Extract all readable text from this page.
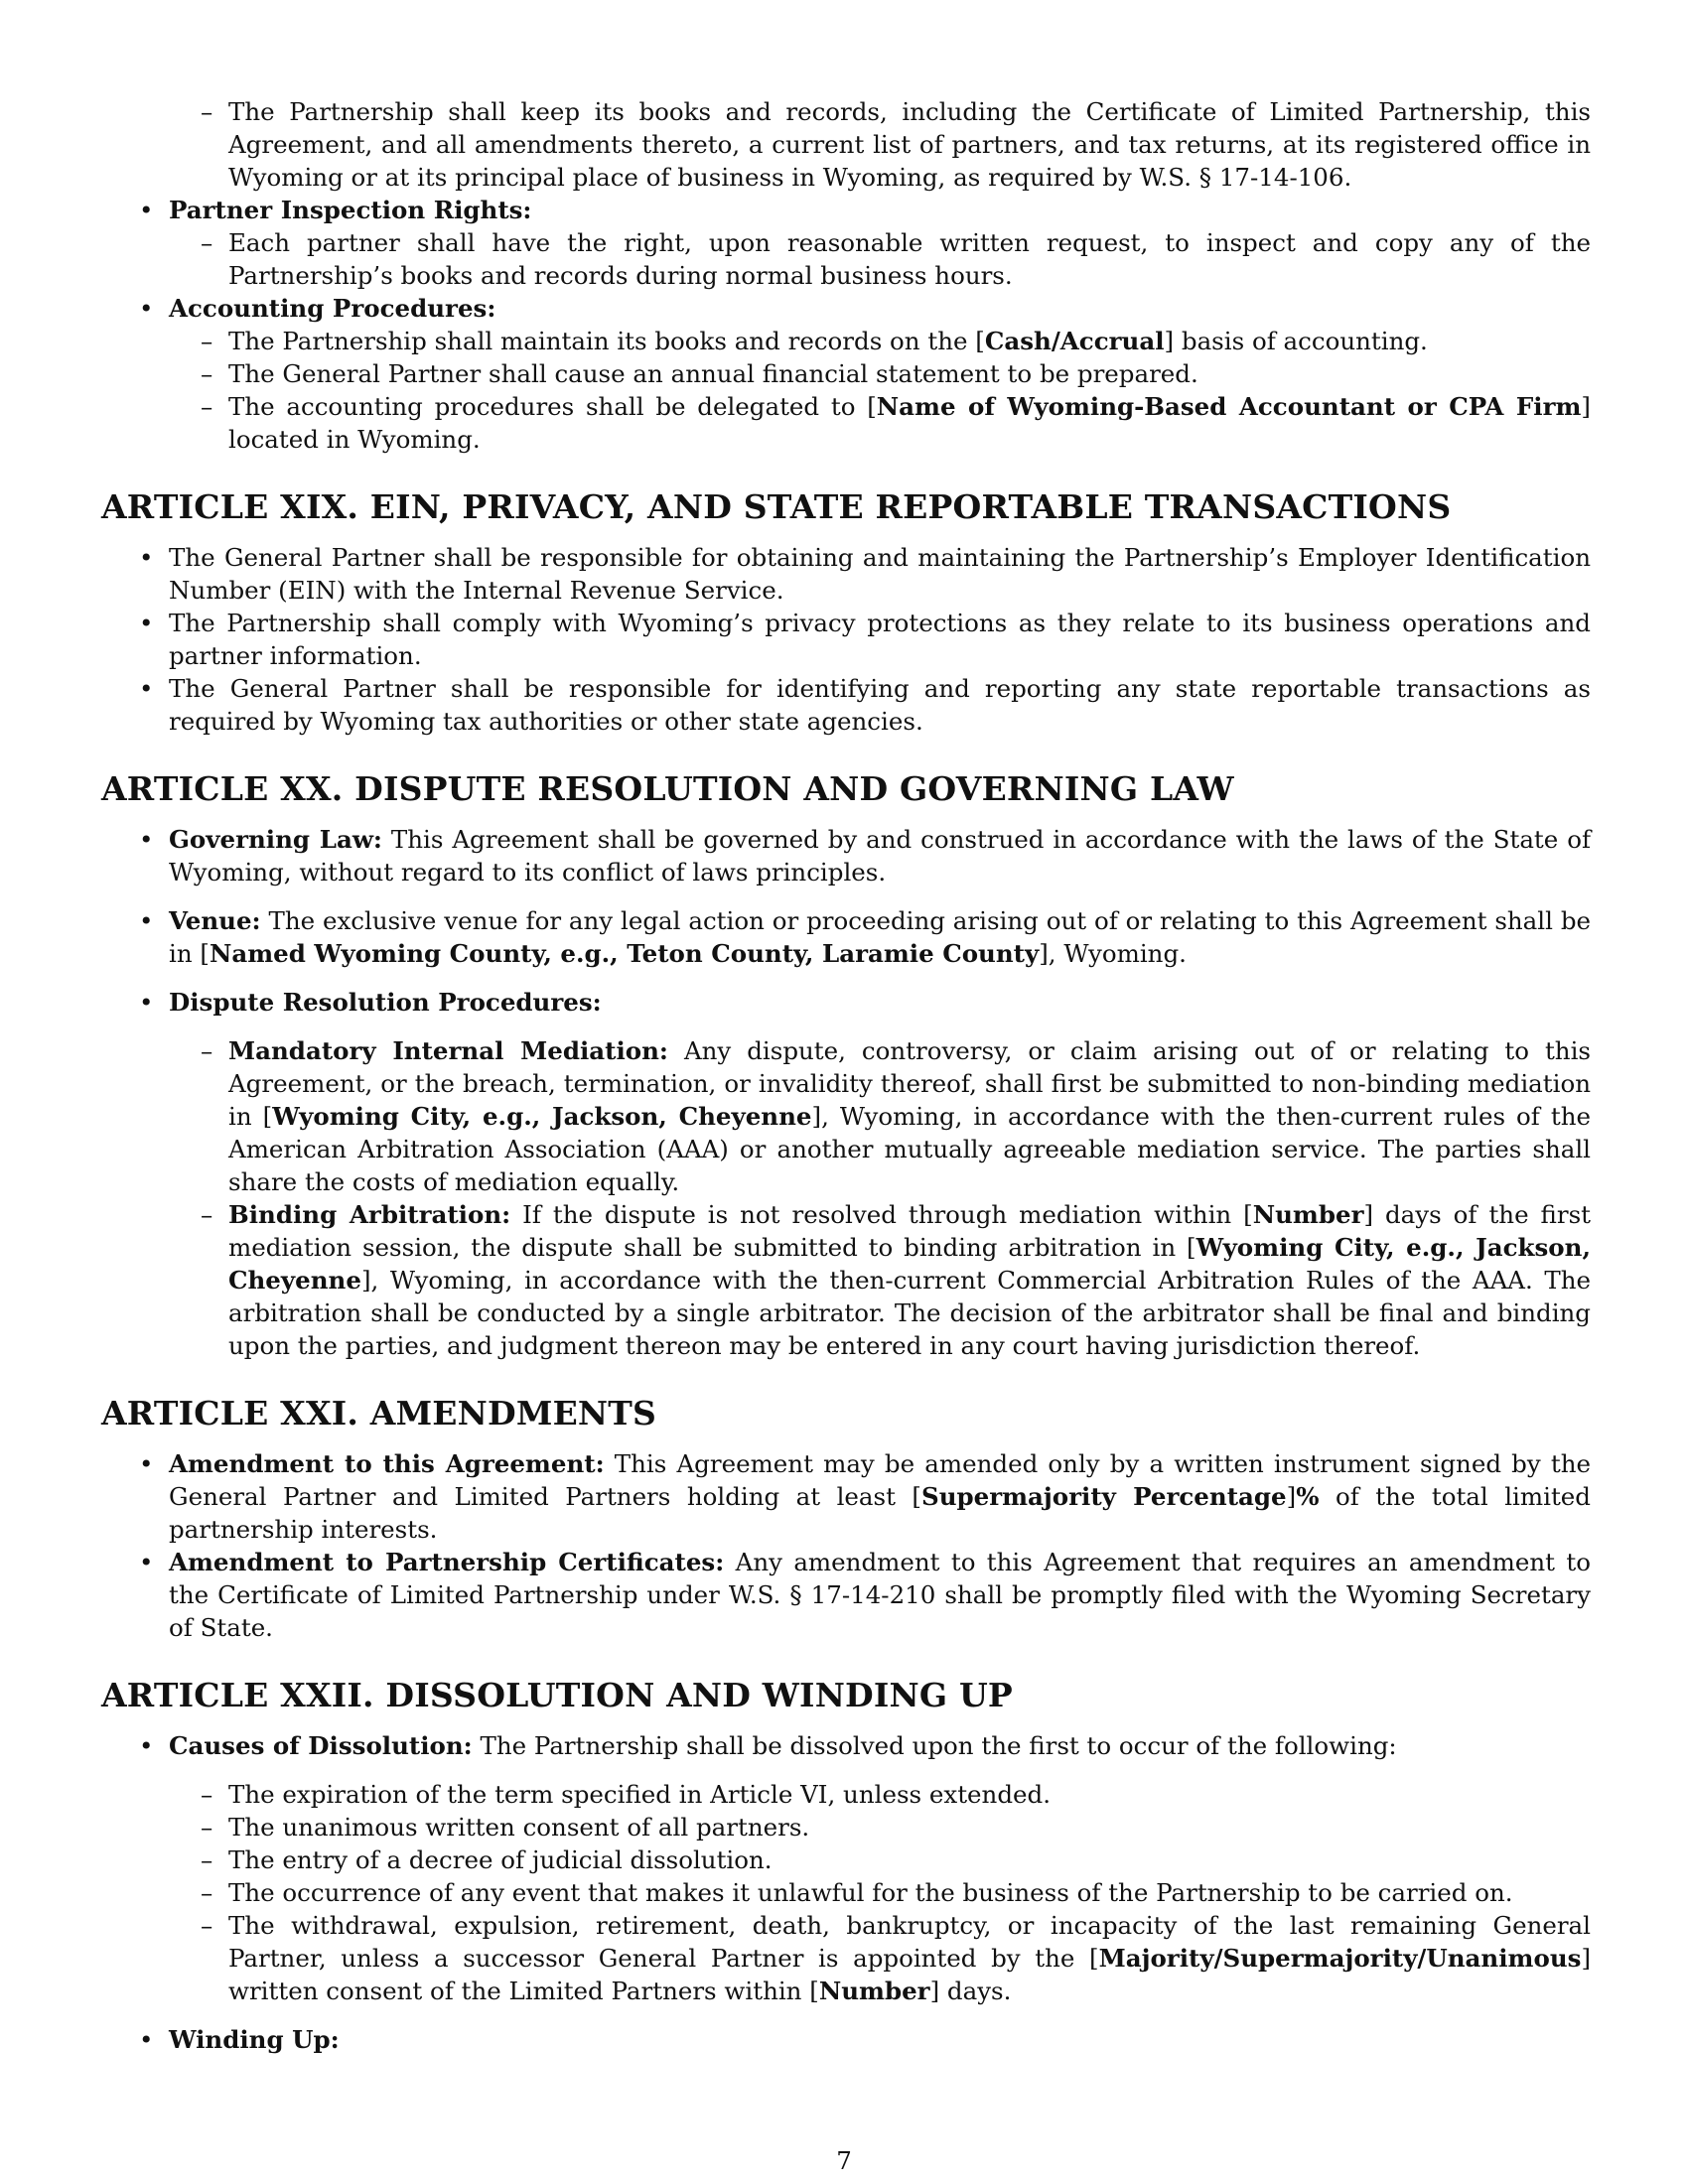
– The Partnership shall keep its books and records, including the Certificate of Limited Partnership, this Agreement, and all amendments thereto, a current list of partners, and tax returns, at its registered office in Wyoming or at its principal place of business in Wyoming, as required by W.S. § 17-14-106.
• Partner Inspection Rights:
– Each partner shall have the right, upon reasonable written request, to inspect and copy any of the Partnership’s books and records during normal business hours.
• Accounting Procedures:
– The Partnership shall maintain its books and records on the [Cash/Accrual] basis of accounting.
– The General Partner shall cause an annual financial statement to be prepared.
– The accounting procedures shall be delegated to [Name of Wyoming-Based Accountant or CPA Firm] located in Wyoming.
ARTICLE XIX. EIN, PRIVACY, AND STATE REPORTABLE TRANSACTIONS
• The General Partner shall be responsible for obtaining and maintaining the Partnership’s Employer Identification Number (EIN) with the Internal Revenue Service.
• The Partnership shall comply with Wyoming’s privacy protections as they relate to its business operations and partner information.
• The General Partner shall be responsible for identifying and reporting any state reportable transactions as required by Wyoming tax authorities or other state agencies.
ARTICLE XX. DISPUTE RESOLUTION AND GOVERNING LAW
• Governing Law: This Agreement shall be governed by and construed in accordance with the laws of the State of Wyoming, without regard to its conflict of laws principles.
• Venue: The exclusive venue for any legal action or proceeding arising out of or relating to this Agreement shall be in [Named Wyoming County, e.g., Teton County, Laramie County], Wyoming.
• Dispute Resolution Procedures:
– Mandatory Internal Mediation: Any dispute, controversy, or claim arising out of or relating to this Agreement, or the breach, termination, or invalidity thereof, shall first be submitted to non-binding mediation in [Wyoming City, e.g., Jackson, Cheyenne], Wyoming, in accordance with the then-current rules of the American Arbitration Association (AAA) or another mutually agreeable mediation service. The parties shall share the costs of mediation equally.
– Binding Arbitration: If the dispute is not resolved through mediation within [Number] days of the first mediation session, the dispute shall be submitted to binding arbitration in [Wyoming City, e.g., Jackson, Cheyenne], Wyoming, in accordance with the then-current Commercial Arbitration Rules of the AAA. The arbitration shall be conducted by a single arbitrator. The decision of the arbitrator shall be final and binding upon the parties, and judgment thereon may be entered in any court having jurisdiction thereof.
ARTICLE XXI. AMENDMENTS
• Amendment to this Agreement: This Agreement may be amended only by a written instrument signed by the General Partner and Limited Partners holding at least [Supermajority Percentage]% of the total limited partnership interests.
• Amendment to Partnership Certificates: Any amendment to this Agreement that requires an amendment to the Certificate of Limited Partnership under W.S. § 17-14-210 shall be promptly filed with the Wyoming Secretary of State.
ARTICLE XXII. DISSOLUTION AND WINDING UP
• Causes of Dissolution: The Partnership shall be dissolved upon the first to occur of the following:
– The expiration of the term specified in Article VI, unless extended.
– The unanimous written consent of all partners.
– The entry of a decree of judicial dissolution.
– The occurrence of any event that makes it unlawful for the business of the Partnership to be carried on.
– The withdrawal, expulsion, retirement, death, bankruptcy, or incapacity of the last remaining General Partner, unless a successor General Partner is appointed by the [Majority/Supermajority/Unanimous] written consent of the Limited Partners within [Number] days.
• Winding Up:
7
